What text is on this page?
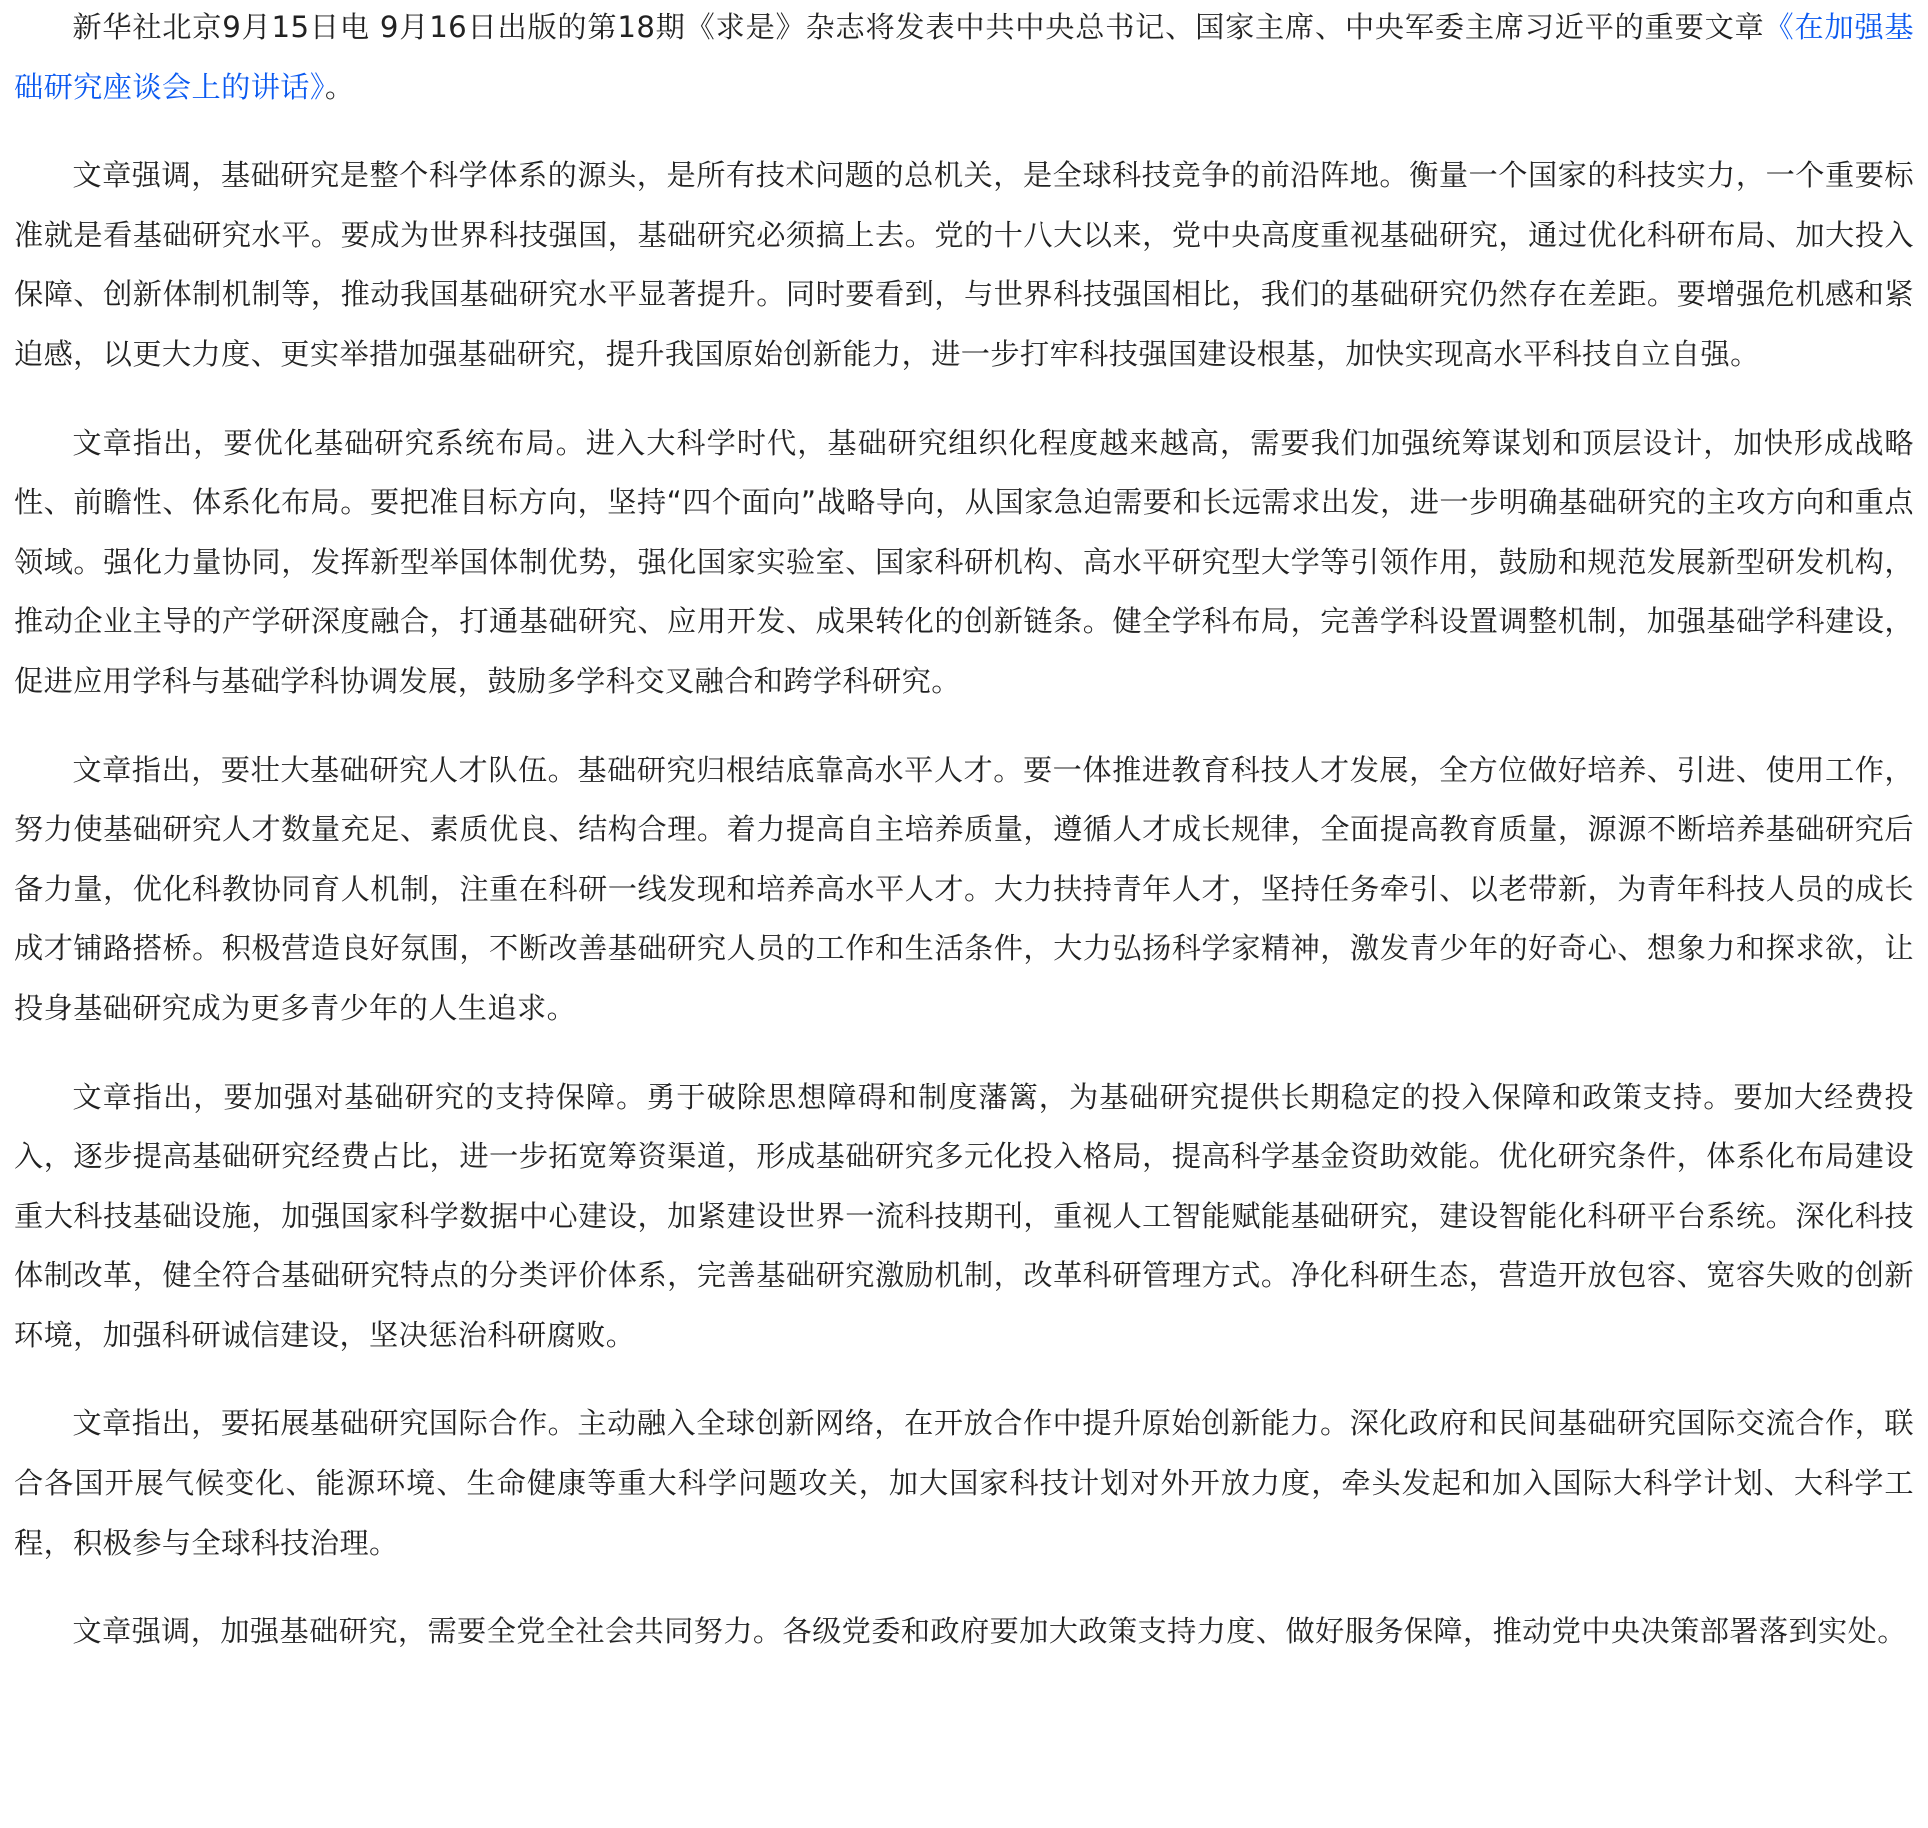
新华社北京9月15日电 9月16日出版的第18期《求是》杂志将发表中共中央总书记、国家主席、中央军委主席习近平的重要文章《在加强基础研究座谈会上的讲话》。

文章强调，基础研究是整个科学体系的源头，是所有技术问题的总机关，是全球科技竞争的前沿阵地。衡量一个国家的科技实力，一个重要标准就是看基础研究水平。要成为世界科技强国，基础研究必须搞上去。党的十八大以来，党中央高度重视基础研究，通过优化科研布局、加大投入保障、创新体制机制等，推动我国基础研究水平显著提升。同时要看到，与世界科技强国相比，我们的基础研究仍然存在差距。要增强危机感和紧迫感，以更大力度、更实举措加强基础研究，提升我国原始创新能力，进一步打牢科技强国建设根基，加快实现高水平科技自立自强。

文章指出，要优化基础研究系统布局。进入大科学时代，基础研究组织化程度越来越高，需要我们加强统筹谋划和顶层设计，加快形成战略性、前瞻性、体系化布局。要把准目标方向，坚持“四个面向”战略导向，从国家急迫需要和长远需求出发，进一步明确基础研究的主攻方向和重点领域。强化力量协同，发挥新型举国体制优势，强化国家实验室、国家科研机构、高水平研究型大学等引领作用，鼓励和规范发展新型研发机构，推动企业主导的产学研深度融合，打通基础研究、应用开发、成果转化的创新链条。健全学科布局，完善学科设置调整机制，加强基础学科建设，促进应用学科与基础学科协调发展，鼓励多学科交叉融合和跨学科研究。

文章指出，要壮大基础研究人才队伍。基础研究归根结底靠高水平人才。要一体推进教育科技人才发展，全方位做好培养、引进、使用工作，努力使基础研究人才数量充足、素质优良、结构合理。着力提高自主培养质量，遵循人才成长规律，全面提高教育质量，源源不断培养基础研究后备力量，优化科教协同育人机制，注重在科研一线发现和培养高水平人才。大力扶持青年人才，坚持任务牵引、以老带新，为青年科技人员的成长成才铺路搭桥。积极营造良好氛围，不断改善基础研究人员的工作和生活条件，大力弘扬科学家精神，激发青少年的好奇心、想象力和探求欲，让投身基础研究成为更多青少年的人生追求。

文章指出，要加强对基础研究的支持保障。勇于破除思想障碍和制度藩篱，为基础研究提供长期稳定的投入保障和政策支持。要加大经费投入，逐步提高基础研究经费占比，进一步拓宽筹资渠道，形成基础研究多元化投入格局，提高科学基金资助效能。优化研究条件，体系化布局建设重大科技基础设施，加强国家科学数据中心建设，加紧建设世界一流科技期刊，重视人工智能赋能基础研究，建设智能化科研平台系统。深化科技体制改革，健全符合基础研究特点的分类评价体系，完善基础研究激励机制，改革科研管理方式。净化科研生态，营造开放包容、宽容失败的创新环境，加强科研诚信建设，坚决惩治科研腐败。

文章指出，要拓展基础研究国际合作。主动融入全球创新网络，在开放合作中提升原始创新能力。深化政府和民间基础研究国际交流合作，联合各国开展气候变化、能源环境、生命健康等重大科学问题攻关，加大国家科技计划对外开放力度，牵头发起和加入国际大科学计划、大科学工程，积极参与全球科技治理。

文章强调，加强基础研究，需要全党全社会共同努力。各级党委和政府要加大政策支持力度、做好服务保障，推动党中央决策部署落到实处。
